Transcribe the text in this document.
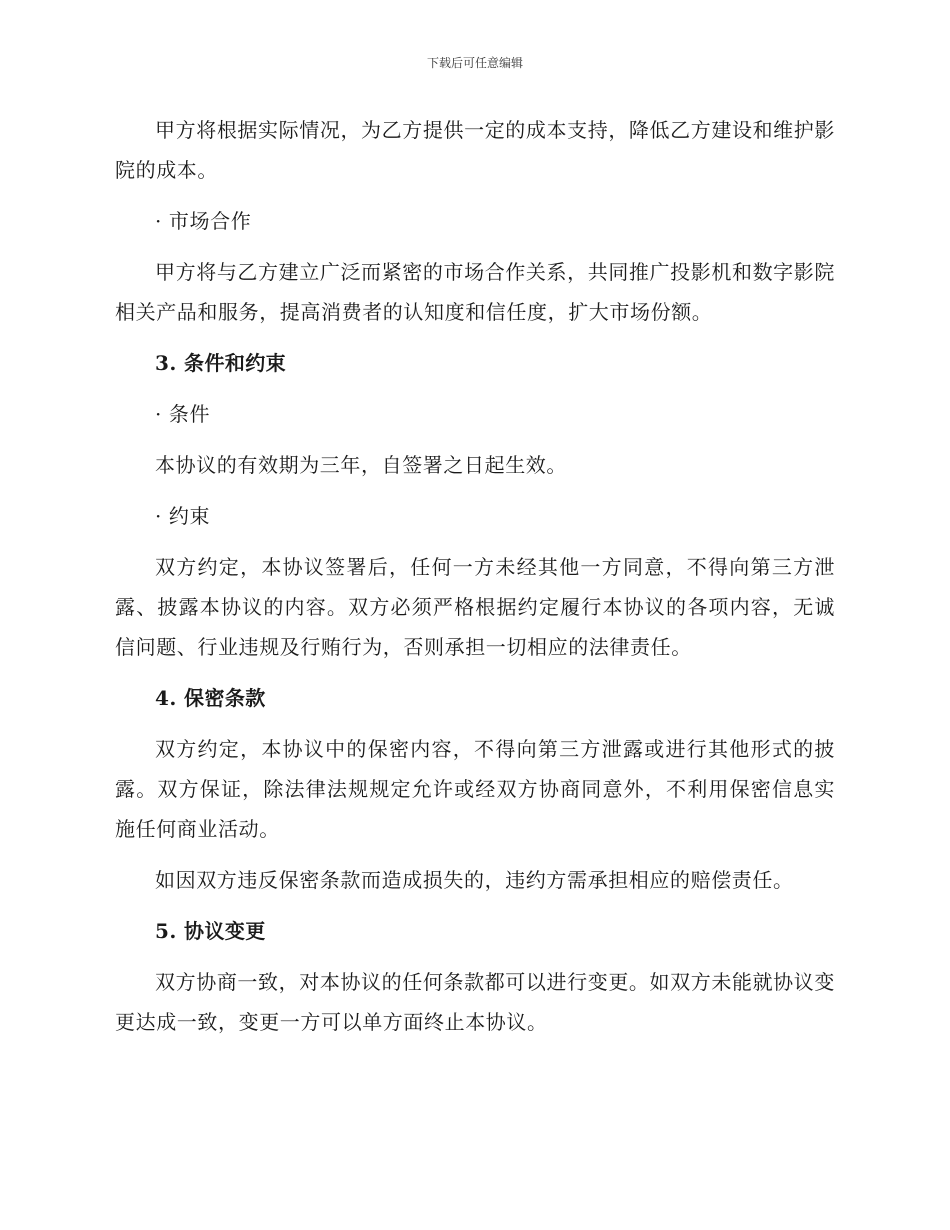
下载后可任意编辑

甲方将根据实际情况，为乙方提供一定的成本支持，降低乙方建设和维护影院的成本。

· 市场合作

甲方将与乙方建立广泛而紧密的市场合作关系，共同推广投影机和数字影院相关产品和服务，提高消费者的认知度和信任度，扩大市场份额。

3. 条件和约束

· 条件

本协议的有效期为三年，自签署之日起生效。

· 约束

双方约定，本协议签署后，任何一方未经其他一方同意，不得向第三方泄露、披露本协议的内容。双方必须严格根据约定履行本协议的各项内容，无诚信问题、行业违规及行贿行为，否则承担一切相应的法律责任。

4. 保密条款

双方约定，本协议中的保密内容，不得向第三方泄露或进行其他形式的披露。双方保证，除法律法规规定允许或经双方协商同意外，不利用保密信息实施任何商业活动。

如因双方违反保密条款而造成损失的，违约方需承担相应的赔偿责任。

5. 协议变更

双方协商一致，对本协议的任何条款都可以进行变更。如双方未能就协议变更达成一致，变更一方可以单方面终止本协议。
